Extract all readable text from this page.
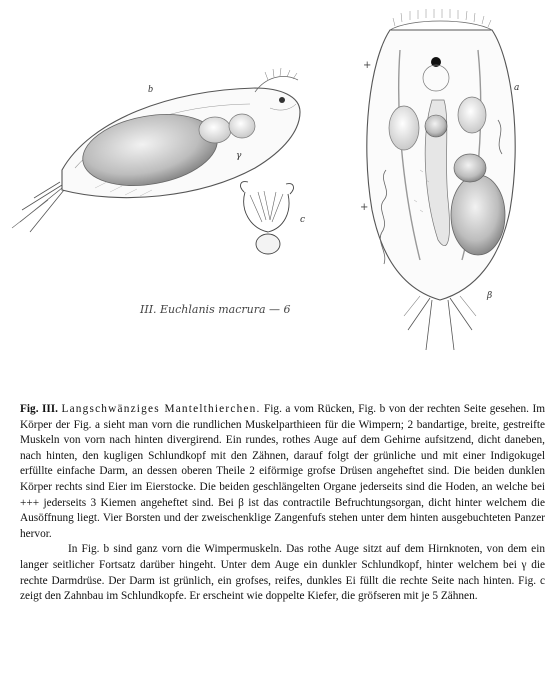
b
γ
c
III. Euchlanis macrura — 6
a
β
+
+

Fig. III. Langschwänziges Mantelthierchen. Fig. a vom Rücken, Fig. b von der rechten Seite gesehen. Im Körper der Fig. a sieht man vorn die rundlichen Muskelparthieen für die Wimpern; 2 bandartige, breite, gestreifte Muskeln von vorn nach hinten divergirend. Ein rundes, rothes Auge auf dem Gehirne aufsitzend, dicht daneben, nach hinten, den kugligen Schlundkopf mit den Zähnen, darauf folgt der grünliche und mit einer Indigokugel erfüllte einfache Darm, an dessen oberen Theile 2 eiförmige grofse Drüsen angeheftet sind. Die beiden dunklen Körper rechts sind Eier im Eierstocke. Die beiden geschlängelten Organe jederseits sind die Hoden, an welche bei +++ jederseits 3 Kiemen angeheftet sind. Bei β ist das contractile Befruchtungsorgan, dicht hinter welchem die Ausöffnung liegt. Vier Borsten und der zweischenklige Zangenfufs stehen unter dem hinten ausgebuchteten Panzer hervor.

In Fig. b sind ganz vorn die Wimpermuskeln. Das rothe Auge sitzt auf dem Hirnknoten, von dem ein langer seitlicher Fortsatz darüber hingeht. Unter dem Auge ein dunkler Schlundkopf, hinter welchem bei γ die rechte Darmdrüse. Der Darm ist grünlich, ein grofses, reifes, dunkles Ei füllt die rechte Seite nach hinten. Fig. c zeigt den Zahnbau im Schlundkopfe. Er erscheint wie doppelte Kiefer, die gröfseren mit je 5 Zähnen.
